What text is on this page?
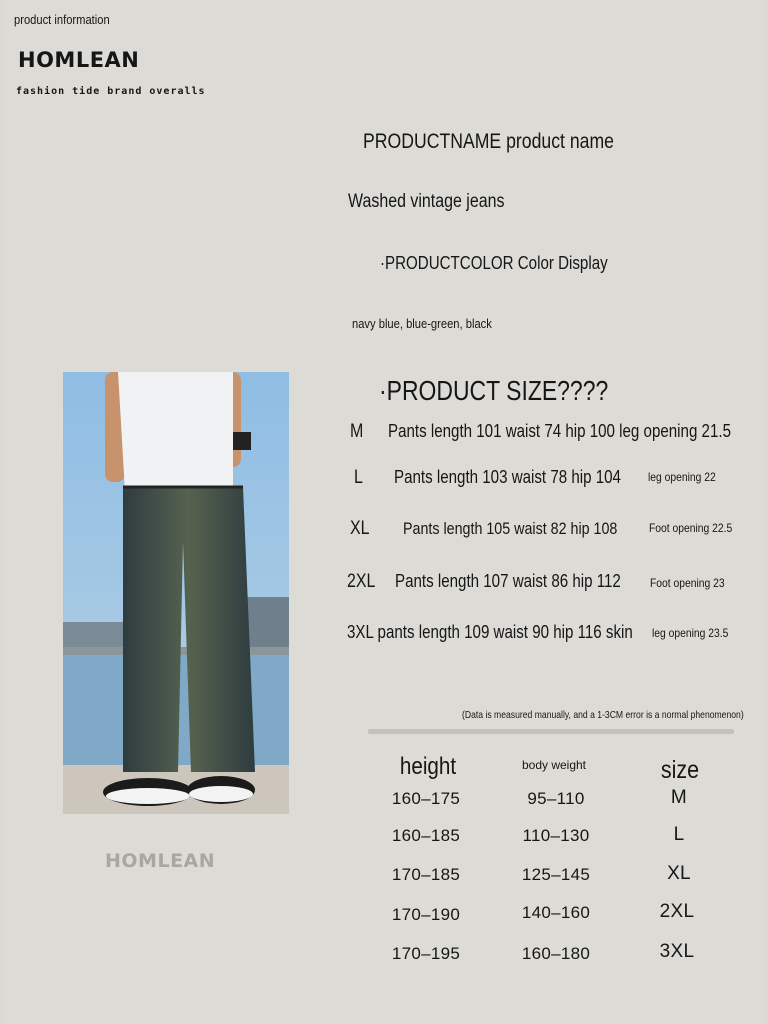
product information
HOMLEAN
fashion tide brand overalls
PRODUCTNAME product name
Washed vintage jeans
·PRODUCTCOLOR Color Display
navy blue, blue-green, black
·PRODUCT SIZE????
M Pants length 101 waist 74 hip 100 leg opening 21.5
L Pants length 103 waist 78 hip 104 leg opening 22
XL Pants length 105 waist 82 hip 108	Foot opening 22.5
2XL Pants length 107 waist 86 hip 112 Foot opening 23
3XL pants length 109 waist 90 hip 116 skin leg opening 23.5
(Data is measured manually, and a 1-3CM error is a normal phenomenon)
height	body weight	size
160–175	95–110	M
160–185	110–130	L
170–185	125–145	XL
170–190	140–160	2XL
170–195	160–180	3XL
HOMLEAN
